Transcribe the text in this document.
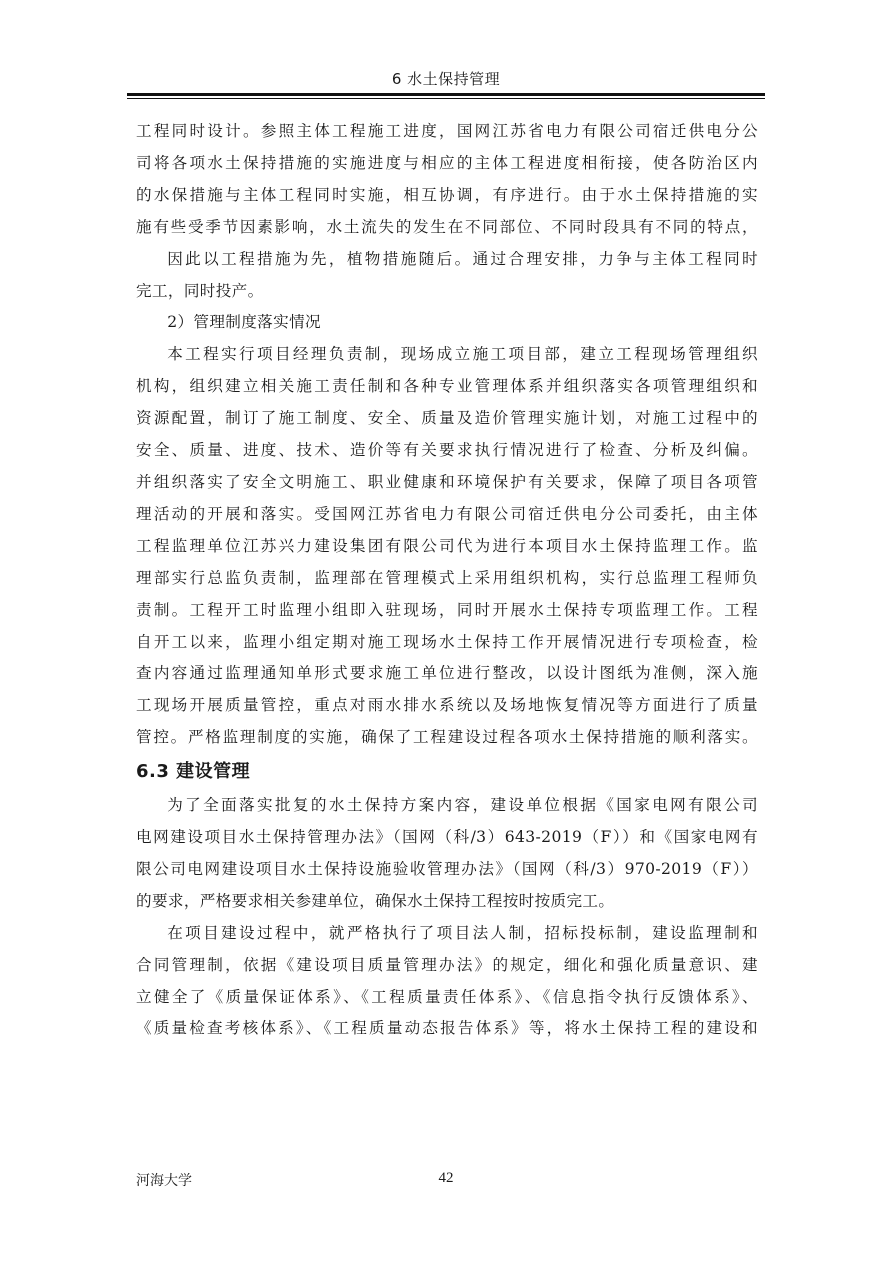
6 水土保持管理

工程同时设计。参照主体工程施工进度，国网江苏省电力有限公司宿迁供电分公

司将各项水土保持措施的实施进度与相应的主体工程进度相衔接，使各防治区内

的水保措施与主体工程同时实施，相互协调，有序进行。由于水土保持措施的实

施有些受季节因素影响，水土流失的发生在不同部位、不同时段具有不同的特点，

因此以工程措施为先，植物措施随后。通过合理安排，力争与主体工程同时

完工，同时投产。

2）管理制度落实情况

本工程实行项目经理负责制，现场成立施工项目部，建立工程现场管理组织

机构，组织建立相关施工责任制和各种专业管理体系并组织落实各项管理组织和

资源配置，制订了施工制度、安全、质量及造价管理实施计划，对施工过程中的

安全、质量、进度、技术、造价等有关要求执行情况进行了检查、分析及纠偏。

并组织落实了安全文明施工、职业健康和环境保护有关要求，保障了项目各项管

理活动的开展和落实。受国网江苏省电力有限公司宿迁供电分公司委托，由主体

工程监理单位江苏兴力建设集团有限公司代为进行本项目水土保持监理工作。监

理部实行总监负责制，监理部在管理模式上采用组织机构，实行总监理工程师负

责制。工程开工时监理小组即入驻现场，同时开展水土保持专项监理工作。工程

自开工以来，监理小组定期对施工现场水土保持工作开展情况进行专项检查，检

查内容通过监理通知单形式要求施工单位进行整改，以设计图纸为准侧，深入施

工现场开展质量管控，重点对雨水排水系统以及场地恢复情况等方面进行了质量

管控。严格监理制度的实施，确保了工程建设过程各项水土保持措施的顺利落实。

6.3 建设管理

为了全面落实批复的水土保持方案内容，建设单位根据《国家电网有限公司

电网建设项目水土保持管理办法》（国网（科/3）643-2019（F））和《国家电网有

限公司电网建设项目水土保持设施验收管理办法》（国网（科/3）970-2019（F））

的要求，严格要求相关参建单位，确保水土保持工程按时按质完工。

在项目建设过程中，就严格执行了项目法人制，招标投标制，建设监理制和

合同管理制，依据《建设项目质量管理办法》的规定，细化和强化质量意识、建

立健全了《质量保证体系》、《工程质量责任体系》、《信息指令执行反馈体系》、

《质量检查考核体系》、《工程质量动态报告体系》等，将水土保持工程的建设和

河海大学	42
